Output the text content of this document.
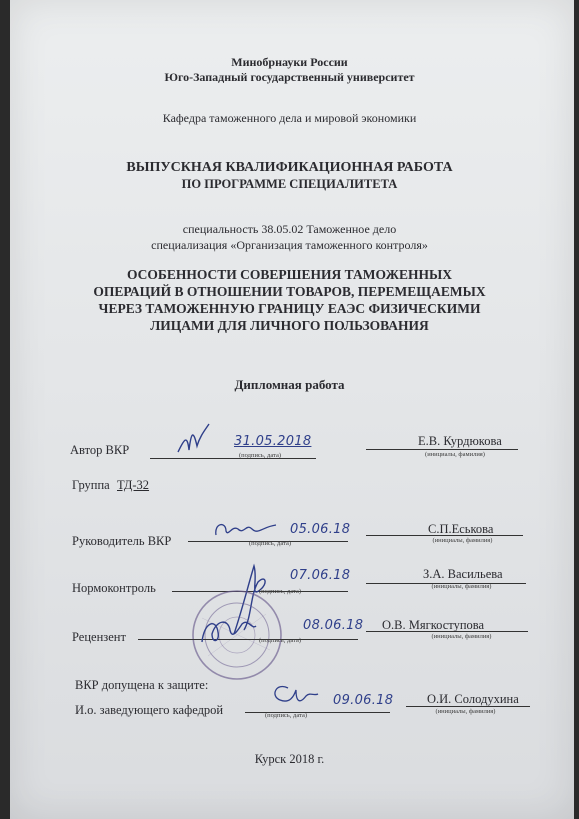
Минобрнауки России
Юго-Западный государственный университет
Кафедра таможенного дела и мировой экономики
ВЫПУСКНАЯ КВАЛИФИКАЦИОННАЯ РАБОТА
ПО ПРОГРАММЕ СПЕЦИАЛИТЕТА
специальность 38.05.02 Таможенное дело
специализация «Организация таможенного контроля»
ОСОБЕННОСТИ СОВЕРШЕНИЯ ТАМОЖЕННЫХ
ОПЕРАЦИЙ В ОТНОШЕНИИ ТОВАРОВ, ПЕРЕМЕЩАЕМЫХ
ЧЕРЕЗ ТАМОЖЕННУЮ ГРАНИЦУ ЕАЭС ФИЗИЧЕСКИМИ
ЛИЦАМИ ДЛЯ ЛИЧНОГО ПОЛЬЗОВАНИЯ
Дипломная работа
Автор ВКР
31.05.2018
(подпись, дата)
Е.В. Курдюкова
(инициалы, фамилия)
Группа ТД-32
Руководитель ВКР
05.06.18
(подпись, дата)
С.П.Еськова
(инициалы, фамилия)
Нормоконтроль
07.06.18
(подпись, дата)
З.А. Васильева
(инициалы, фамилия)
Рецензент
08.06.18
(подпись, дата)
О.В. Мягкоступова
(инициалы, фамилия)
ВКР допущена к защите:
И.о. заведующего кафедрой
09.06.18
(подпись, дата)
О.И. Солодухина
(инициалы, фамилия)
Курск 2018 г.
